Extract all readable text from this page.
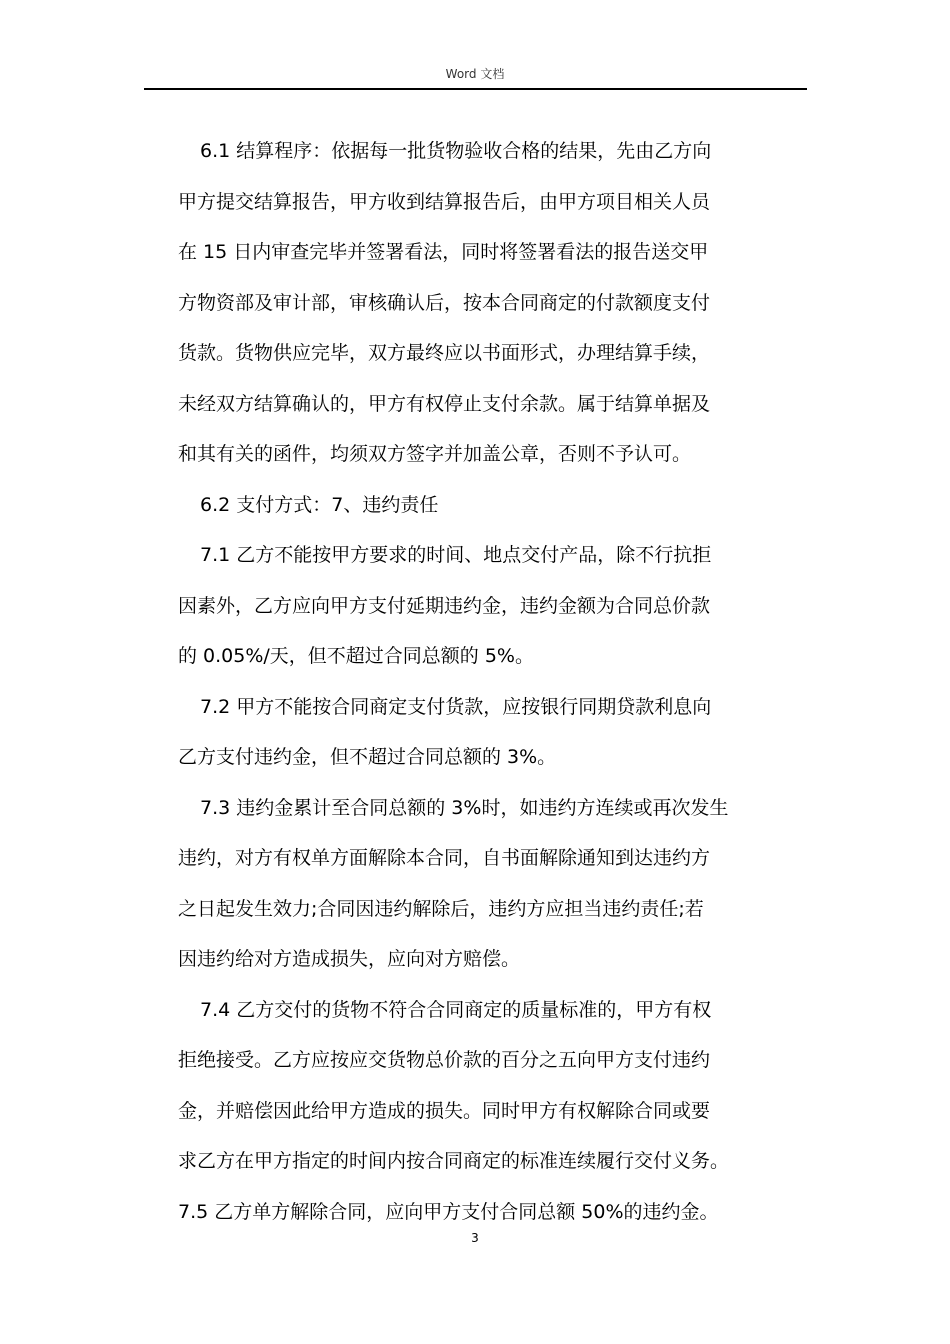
Word 文档
6.1 结算程序：依据每一批货物验收合格的结果，先由乙方向
甲方提交结算报告，甲方收到结算报告后，由甲方项目相关人员
在 15 日内审查完毕并签署看法，同时将签署看法的报告送交甲
方物资部及审计部，审核确认后，按本合同商定的付款额度支付
货款。货物供应完毕，双方最终应以书面形式，办理结算手续，
未经双方结算确认的，甲方有权停止支付余款。属于结算单据及
和其有关的函件，均须双方签字并加盖公章，否则不予认可。
6.2 支付方式：7、违约责任
7.1 乙方不能按甲方要求的时间、地点交付产品，除不行抗拒
因素外，乙方应向甲方支付延期违约金，违约金额为合同总价款
的 0.05%/天，但不超过合同总额的 5%。
7.2 甲方不能按合同商定支付货款，应按银行同期贷款利息向
乙方支付违约金，但不超过合同总额的 3%。
7.3 违约金累计至合同总额的 3%时，如违约方连续或再次发生
违约，对方有权单方面解除本合同，自书面解除通知到达违约方
之日起发生效力;合同因违约解除后，违约方应担当违约责任;若
因违约给对方造成损失，应向对方赔偿。
7.4 乙方交付的货物不符合合同商定的质量标准的，甲方有权
拒绝接受。乙方应按应交货物总价款的百分之五向甲方支付违约
金，并赔偿因此给甲方造成的损失。同时甲方有权解除合同或要
求乙方在甲方指定的时间内按合同商定的标准连续履行交付义务。
7.5 乙方单方解除合同，应向甲方支付合同总额 50%的违约金。
3
